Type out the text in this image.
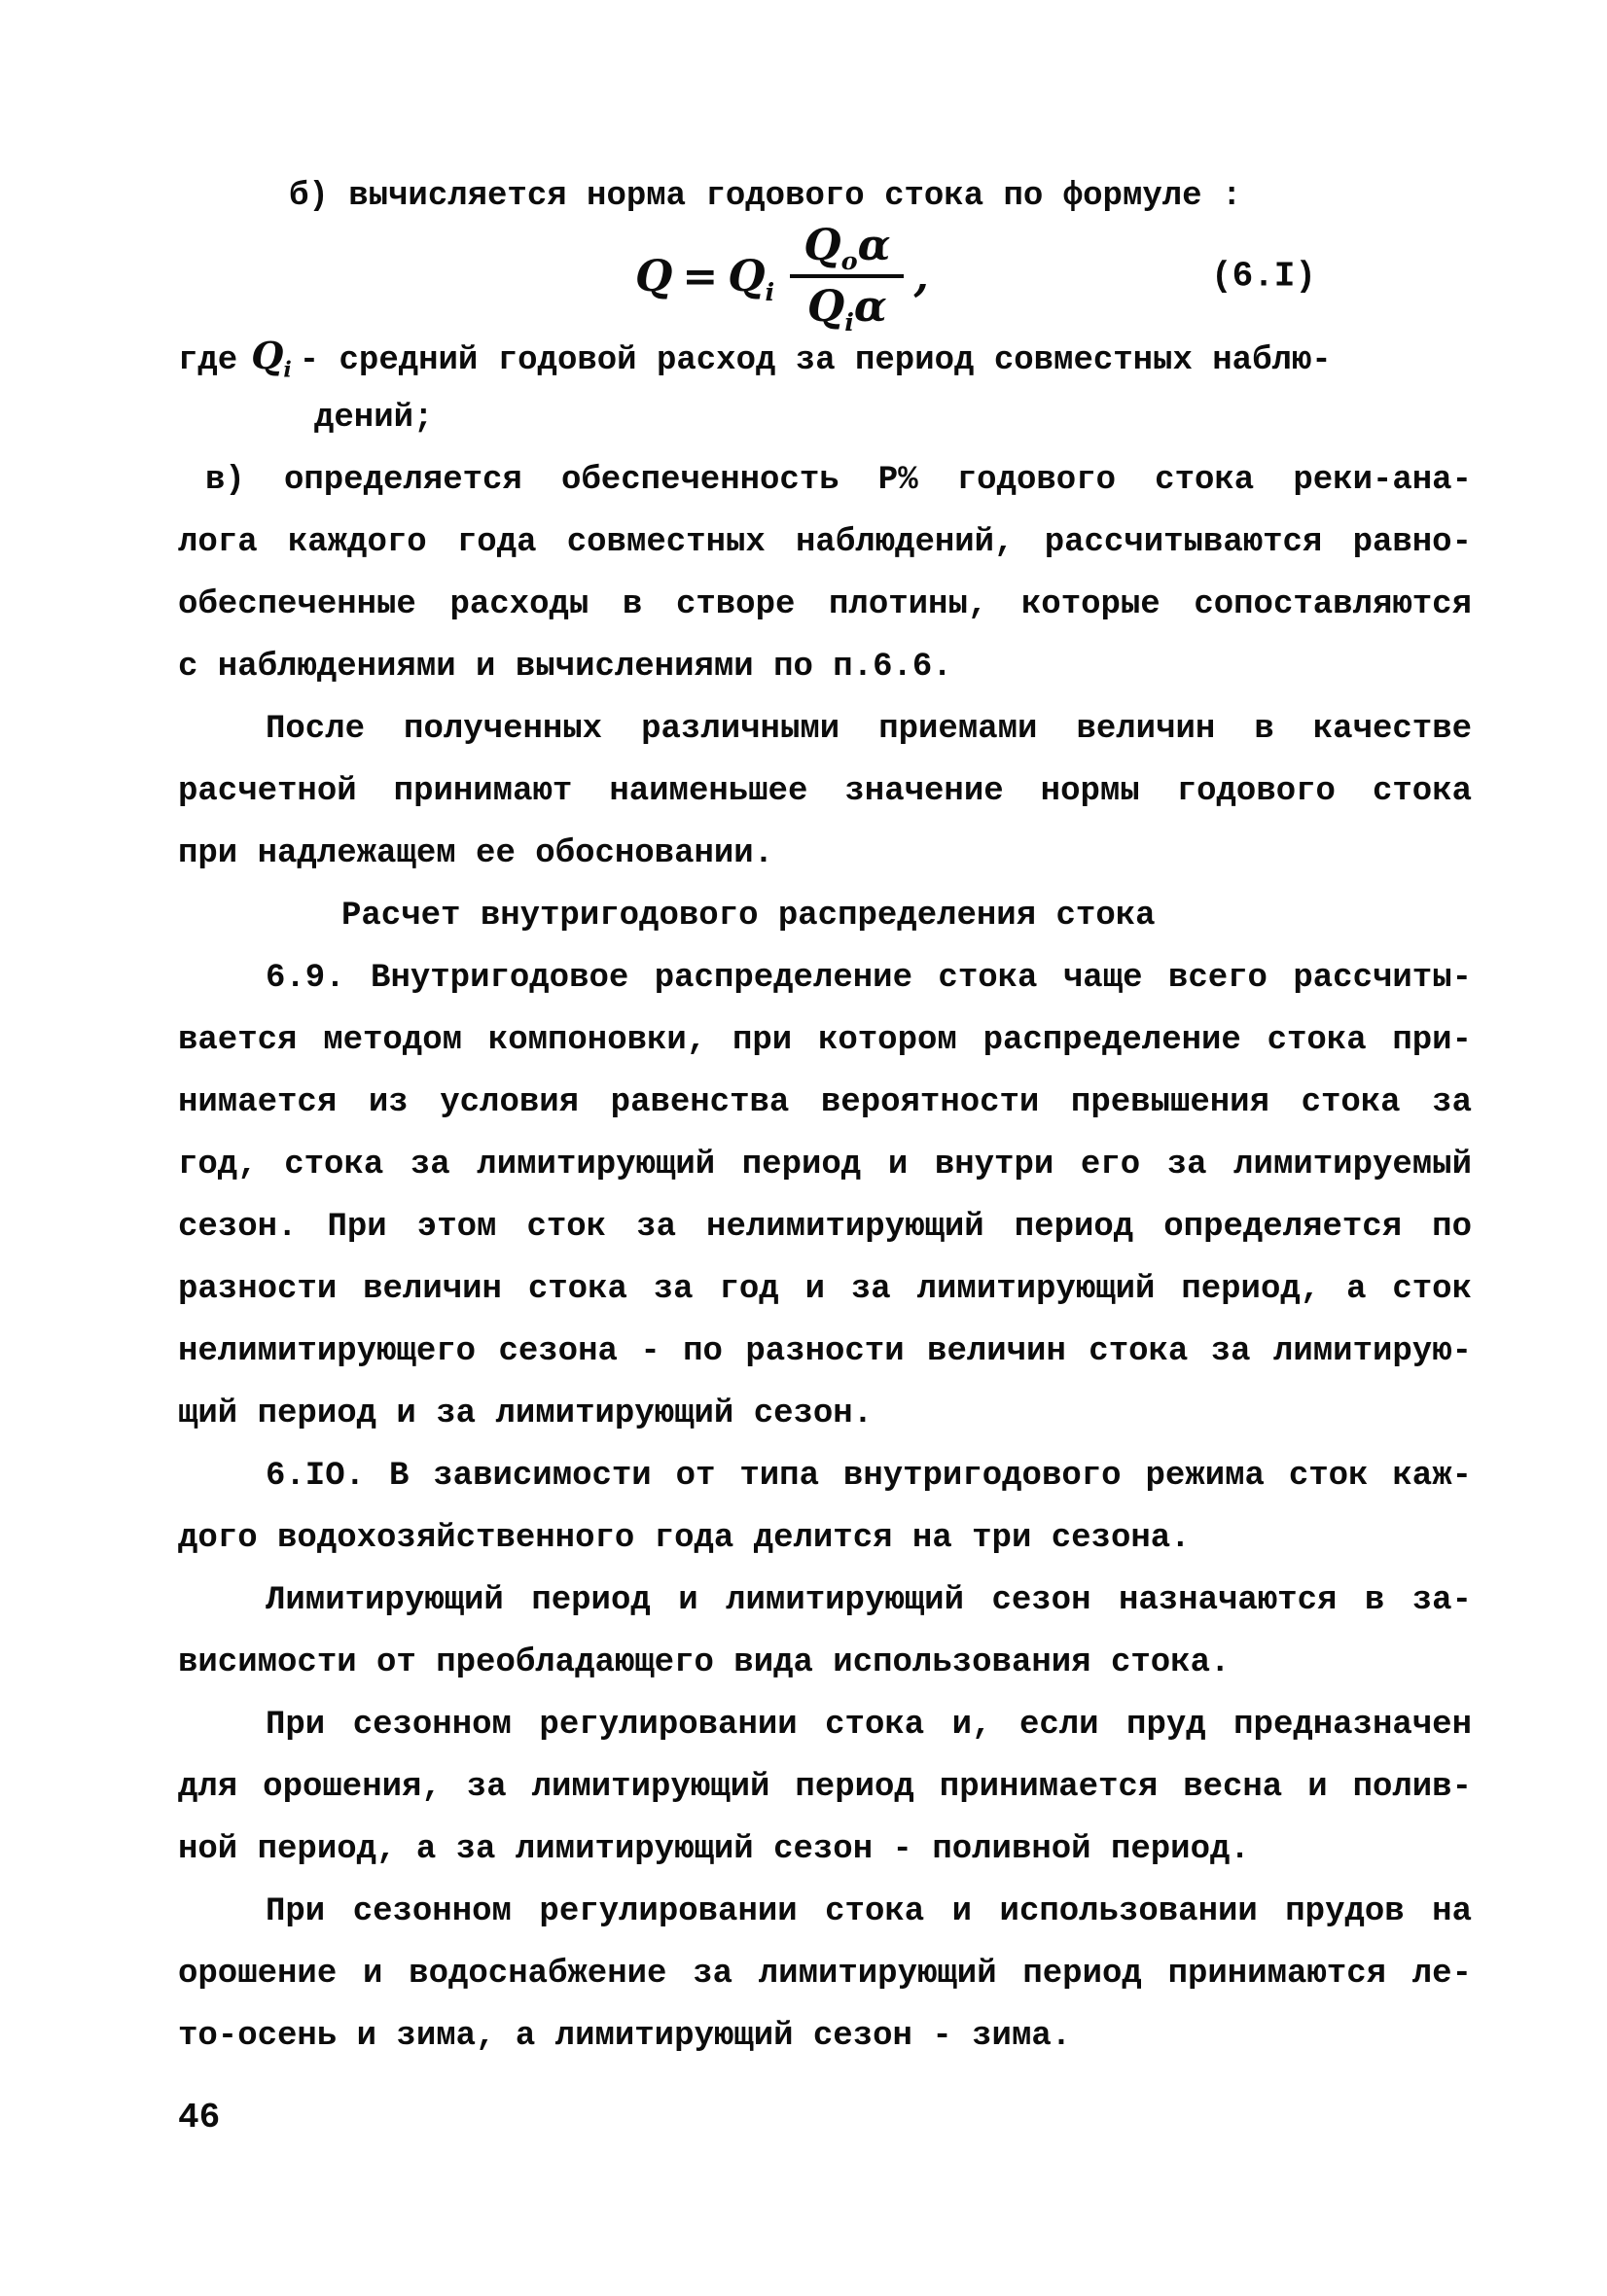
б) вычисляется норма годового стока по формуле :
$Q = Q_i \frac{Q_о\alpha}{Q_i\alpha}$ ,	(6.I)
где $Q_i$ -
средний годовой расход за период совместных наблю-
дений;
в) определяется обеспеченность Р% годового стока реки-ана-
лога каждого года совместных наблюдений, рассчитываются равно-
обеспеченные расходы в створе плотины, которые сопоставляются
с наблюдениями и вычислениями по п.6.6.
После полученных различными приемами величин в качестве
расчетной принимают наименьшее значение нормы годового стока
при надлежащем ее обосновании.
Расчет внутригодового распределения стока
6.9. Внутригодовое распределение стока чаще всего рассчиты-
вается методом компоновки, при котором распределение стока при-
нимается из условия равенства вероятности превышения стока за
год, стока за лимитирующий период и внутри его за лимитируемый
сезон. При этом сток за нелимитирующий период определяется по
разности величин стока за год и за лимитирующий период, а сток
нелимитирующего сезона - по разности величин стока за лимитирую-
щий период и за лимитирующий сезон.
6.IO. В зависимости от типа внутригодового режима сток каж-
дого водохозяйственного года делится на три сезона.
Лимитирующий период и лимитирующий сезон назначаются в за-
висимости от преобладающего вида использования стока.
При сезонном регулировании стока и, если пруд предназначен
для орошения, за лимитирующий период принимается весна и полив-
ной период, а за лимитирующий сезон - поливной период.
При сезонном регулировании стока и использовании прудов на
орошение и водоснабжение за лимитирующий период принимаются ле-
то-осень и зима, а лимитирующий сезон - зима.
46
